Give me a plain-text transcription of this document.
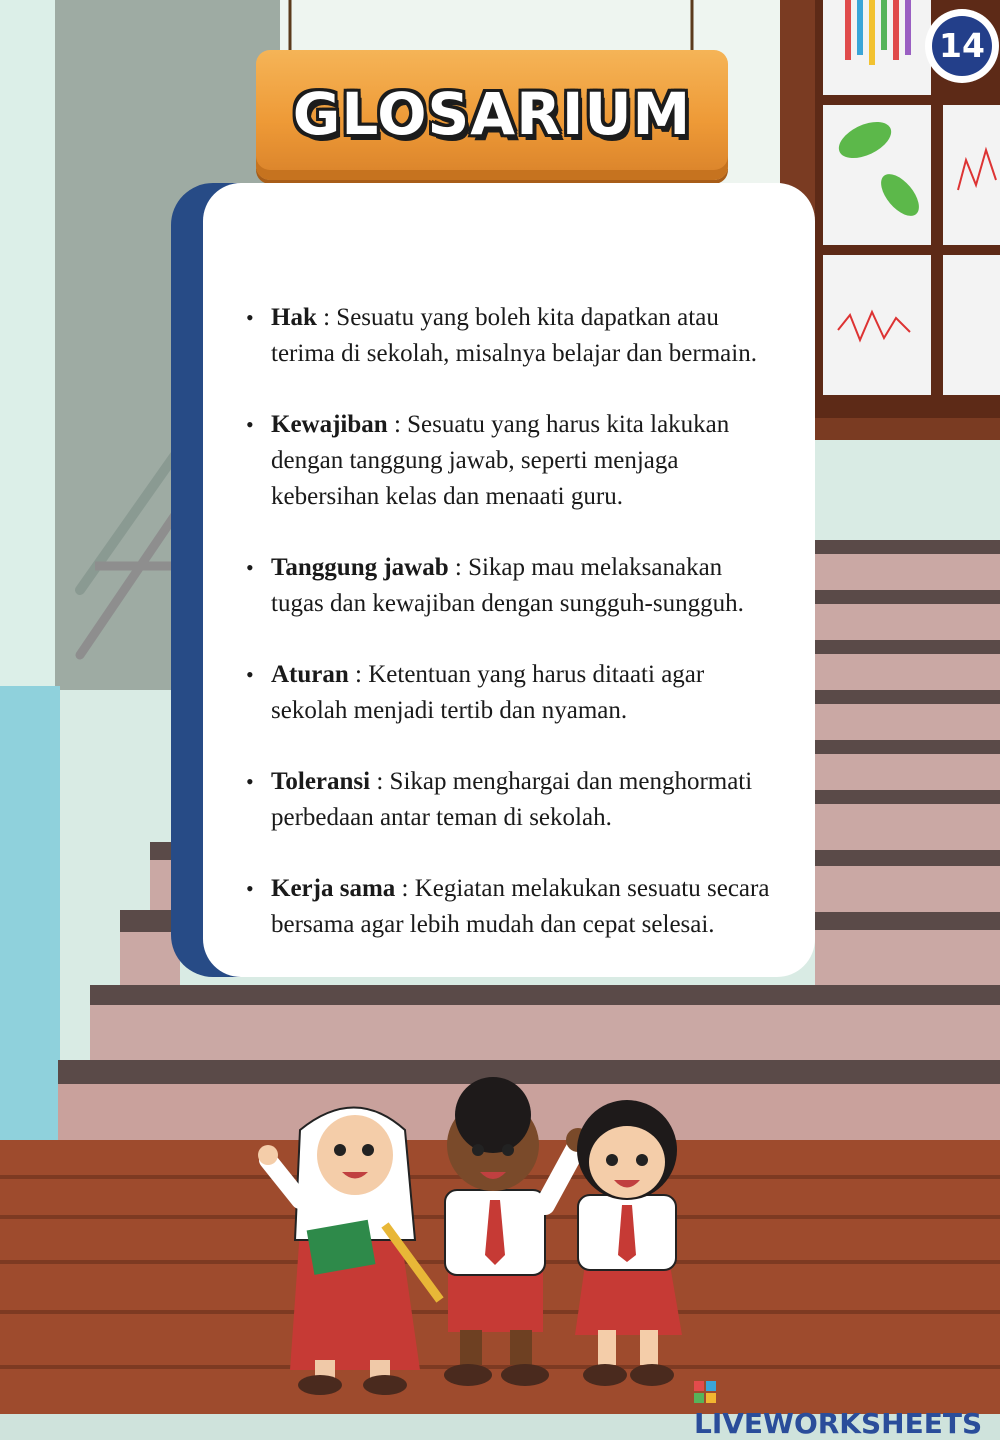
GLOSARIUM
14
• Hak : Sesuatu yang boleh kita dapatkan atau terima di sekolah, misalnya belajar dan bermain.
• Kewajiban : Sesuatu yang harus kita lakukan dengan tanggung jawab, seperti menjaga kebersihan kelas dan menaati guru.
• Tanggung jawab : Sikap mau melaksanakan tugas dan kewajiban dengan sungguh-sungguh.
• Aturan : Ketentuan yang harus ditaati agar sekolah menjadi tertib dan nyaman.
• Toleransi : Sikap menghargai dan menghormati perbedaan antar teman di sekolah.
• Kerja sama : Kegiatan melakukan sesuatu secara bersama agar lebih mudah dan cepat selesai.
LIVEWORKSHEETS
